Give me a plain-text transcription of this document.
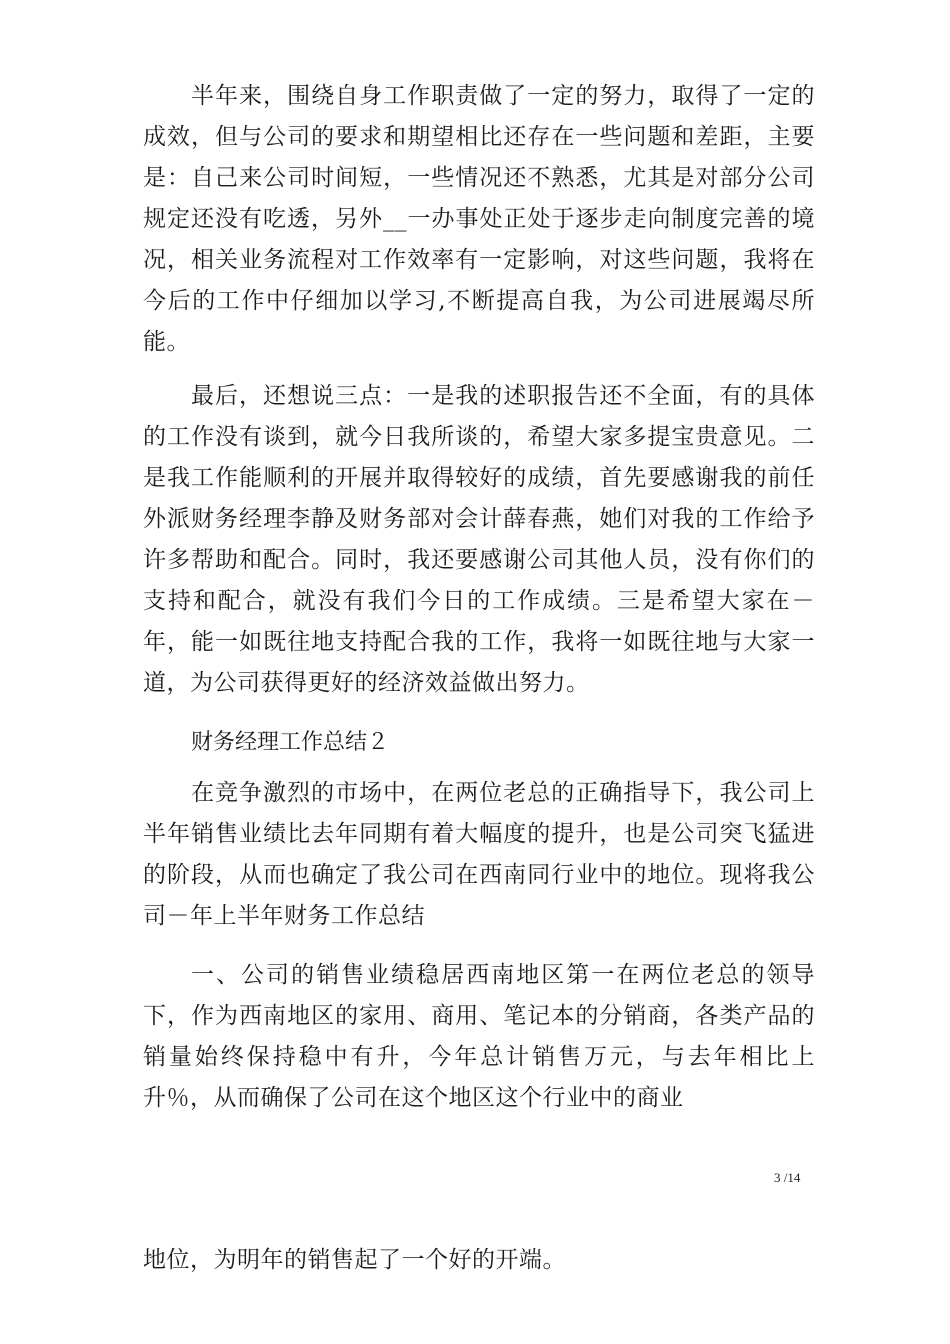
半年来，围绕自身工作职责做了一定的努力，取得了一定的成效，但与公司的要求和期望相比还存在一些问题和差距，主要是：自己来公司时间短，一些情况还不熟悉，尤其是对部分公司规定还没有吃透，另外__一办事处正处于逐步走向制度完善的境况，相关业务流程对工作效率有一定影响，对这些问题，我将在今后的工作中仔细加以学习,不断提高自我，为公司进展竭尽所能。

最后，还想说三点：一是我的述职报告还不全面，有的具体的工作没有谈到，就今日我所谈的，希望大家多提宝贵意见。二是我工作能顺利的开展并取得较好的成绩，首先要感谢我的前任外派财务经理李静及财务部对会计薛春燕，她们对我的工作给予许多帮助和配合。同时，我还要感谢公司其他人员，没有你们的支持和配合，就没有我们今日的工作成绩。三是希望大家在－年，能一如既往地支持配合我的工作，我将一如既往地与大家一道，为公司获得更好的经济效益做出努力。

财务经理工作总结２

在竞争激烈的市场中，在两位老总的正确指导下，我公司上半年销售业绩比去年同期有着大幅度的提升，也是公司突飞猛进的阶段，从而也确定了我公司在西南同行业中的地位。现将我公司－年上半年财务工作总结

一、公司的销售业绩稳居西南地区第一在两位老总的领导下，作为西南地区的家用、商用、笔记本的分销商，各类产品的销量始终保持稳中有升，今年总计销售万元，与去年相比上升％，从而确保了公司在这个地区这个行业中的商业

3 /14

地位，为明年的销售起了一个好的开端。
